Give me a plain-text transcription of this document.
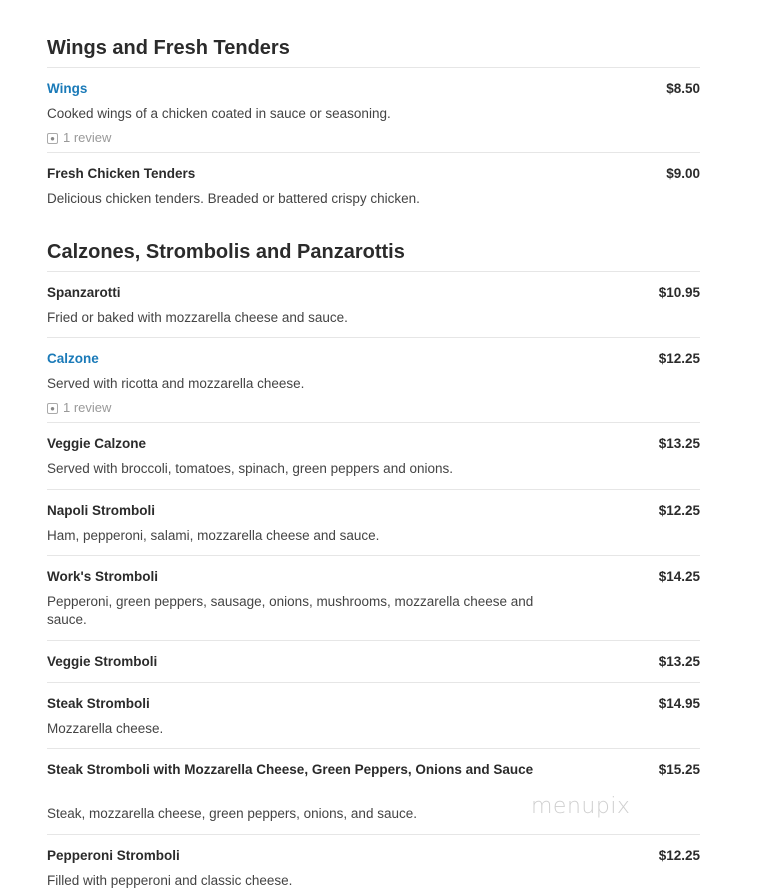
Wings and Fresh Tenders
Wings	$8.50
Cooked wings of a chicken coated in sauce or seasoning.
● 1 review
Fresh Chicken Tenders	$9.00
Delicious chicken tenders. Breaded or battered crispy chicken.
Calzones, Strombolis and Panzarottis
Spanzarotti	$10.95
Fried or baked with mozzarella cheese and sauce.
Calzone	$12.25
Served with ricotta and mozzarella cheese.
● 1 review
Veggie Calzone	$13.25
Served with broccoli, tomatoes, spinach, green peppers and onions.
Napoli Stromboli	$12.25
Ham, pepperoni, salami, mozzarella cheese and sauce.
Work's Stromboli	$14.25
Pepperoni, green peppers, sausage, onions, mushrooms, mozzarella cheese and sauce.
Veggie Stromboli	$13.25
Steak Stromboli	$14.95
Mozzarella cheese.
Steak Stromboli with Mozzarella Cheese, Green Peppers, Onions and Sauce	$15.25
Steak, mozzarella cheese, green peppers, onions, and sauce.
Pepperoni Stromboli	$12.25
Filled with pepperoni and classic cheese.
menupix
